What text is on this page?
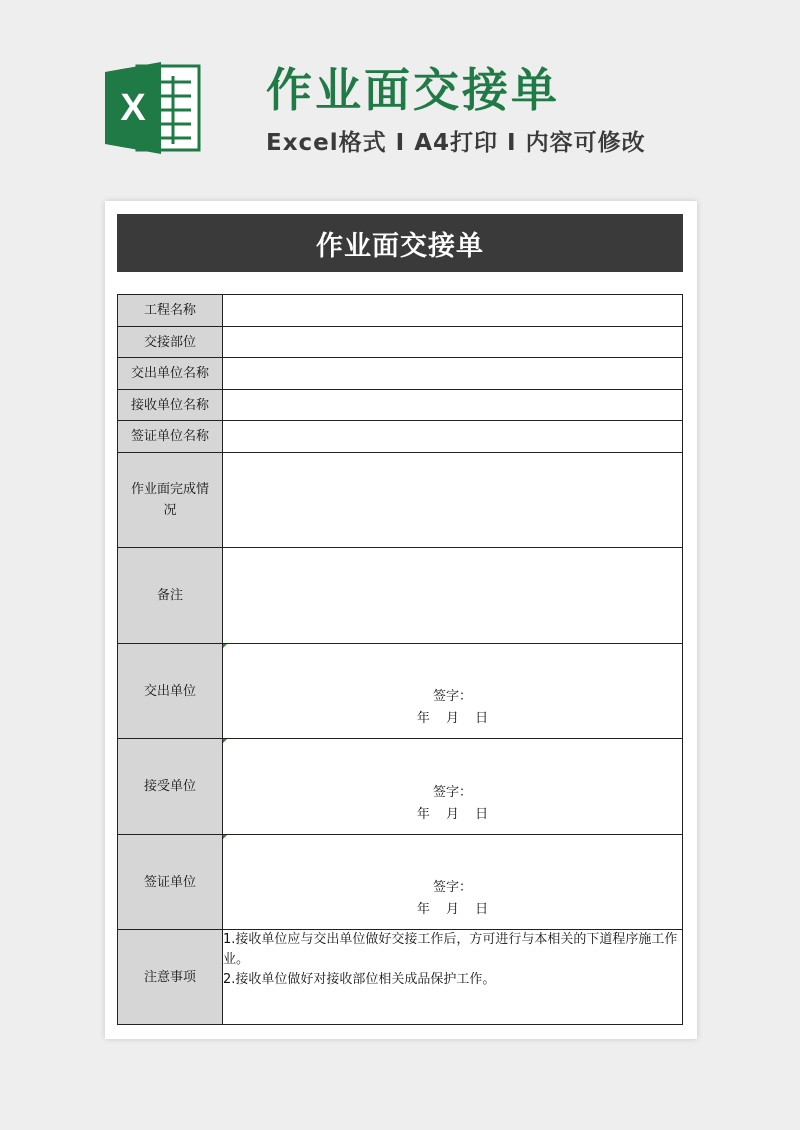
X	作业面交接单
Excel格式 I A4打印 I 内容可修改
作业面交接单
工程名称	
交接部位	
交出单位名称	
接收单位名称	
签证单位名称	

作业面完成情况	

备注	
交出单位	签字：
年 月 日

接受单位	签字：
年 月 日

签证单位	签字：
年 月 日

注意事项	1.接收单位应与交出单位做好交接工作后，方可进行与本相关的下道程序施工作业。
2.接收单位做好对接收部位相关成品保护工作。
